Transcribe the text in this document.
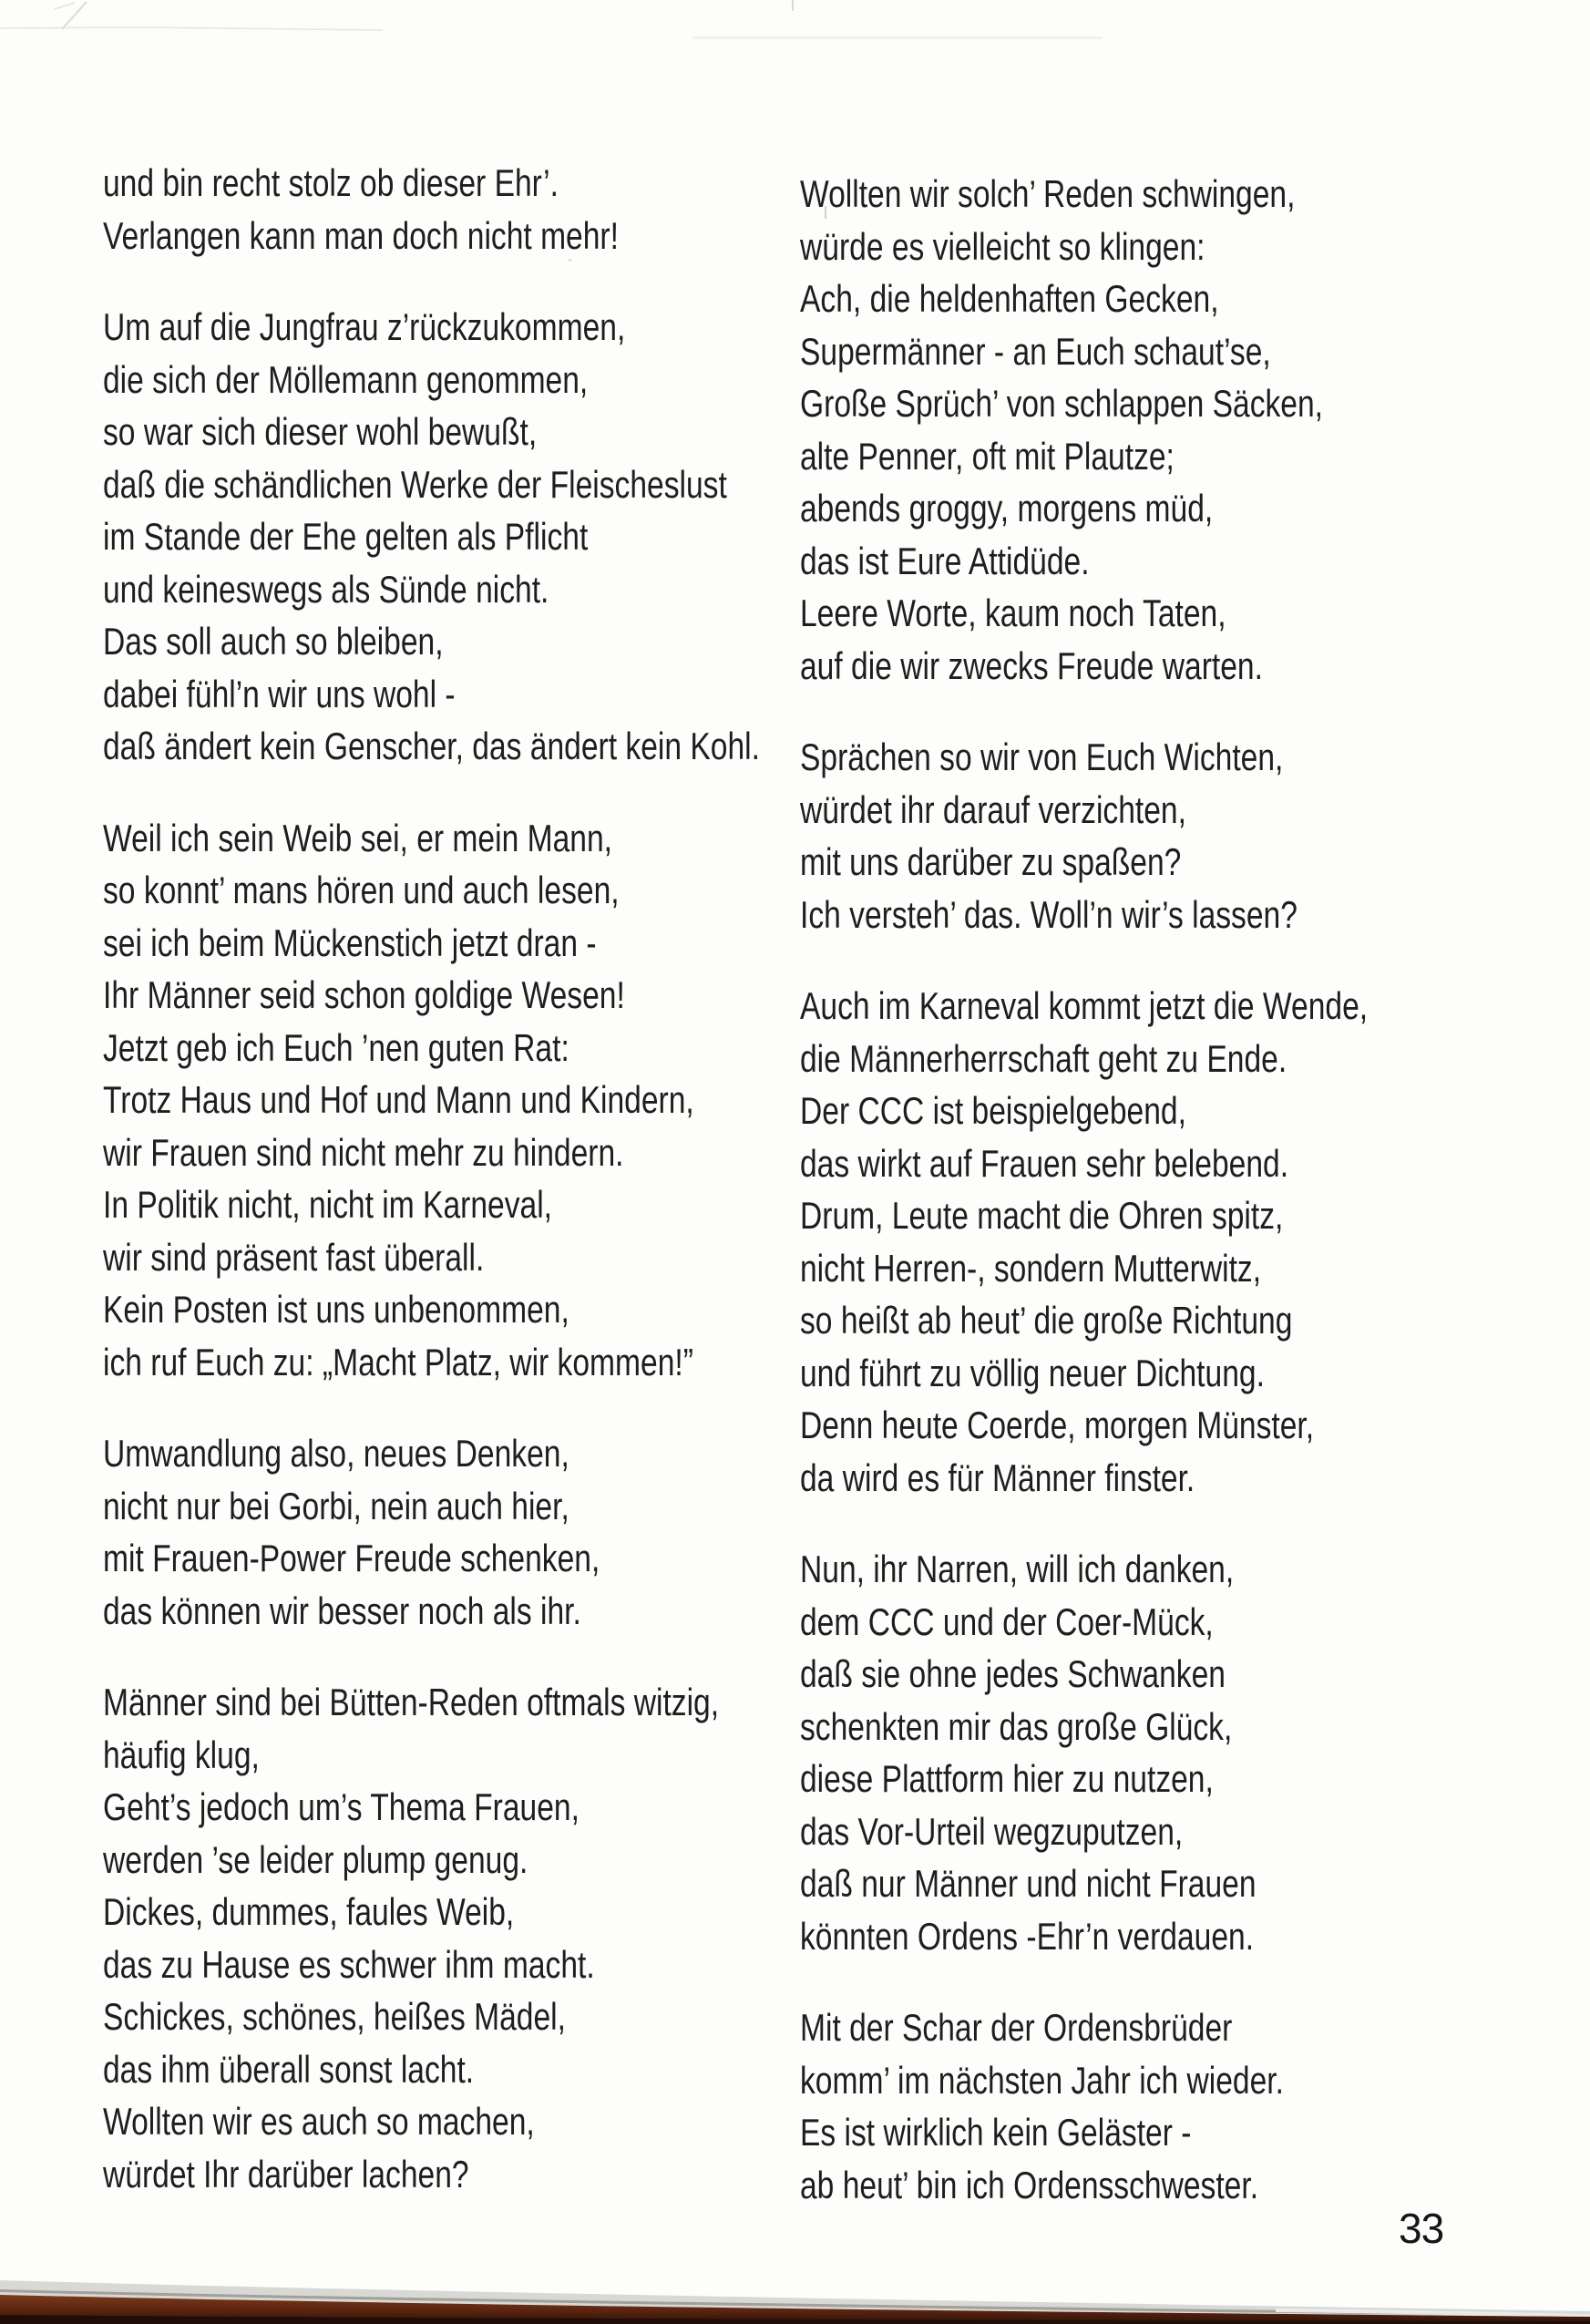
und bin recht stolz ob dieser Ehr’.
Verlangen kann man doch nicht mehr!
Um auf die Jungfrau z’rückzukommen,
die sich der Möllemann genommen,
so war sich dieser wohl bewußt,
daß die schändlichen Werke der Fleischeslust
im Stande der Ehe gelten als Pflicht
und keineswegs als Sünde nicht.
Das soll auch so bleiben,
dabei fühl’n wir uns wohl -
daß ändert kein Genscher, das ändert kein Kohl.
Weil ich sein Weib sei, er mein Mann,
so konnt’ mans hören und auch lesen,
sei ich beim Mückenstich jetzt dran -
Ihr Männer seid schon goldige Wesen!
Jetzt geb ich Euch ’nen guten Rat:
Trotz Haus und Hof und Mann und Kindern,
wir Frauen sind nicht mehr zu hindern.
In Politik nicht, nicht im Karneval,
wir sind präsent fast überall.
Kein Posten ist uns unbenommen,
ich ruf Euch zu: „Macht Platz, wir kommen!”
Umwandlung also, neues Denken,
nicht nur bei Gorbi, nein auch hier,
mit Frauen-Power Freude schenken,
das können wir besser noch als ihr.
Männer sind bei Bütten-Reden oftmals witzig,
häufig klug,
Geht’s jedoch um’s Thema Frauen,
werden ’se leider plump genug.
Dickes, dummes, faules Weib,
das zu Hause es schwer ihm macht.
Schickes, schönes, heißes Mädel,
das ihm überall sonst lacht.
Wollten wir es auch so machen,
würdet Ihr darüber lachen?
Wollten wir solch’ Reden schwingen,
würde es vielleicht so klingen:
Ach, die heldenhaften Gecken,
Supermänner - an Euch schaut’se,
Große Sprüch’ von schlappen Säcken,
alte Penner, oft mit Plautze;
abends groggy, morgens müd,
das ist Eure Attidüde.
Leere Worte, kaum noch Taten,
auf die wir zwecks Freude warten.
Sprächen so wir von Euch Wichten,
würdet ihr darauf verzichten,
mit uns darüber zu spaßen?
Ich versteh’ das. Woll’n wir’s lassen?
Auch im Karneval kommt jetzt die Wende,
die Männerherrschaft geht zu Ende.
Der CCC ist beispielgebend,
das wirkt auf Frauen sehr belebend.
Drum, Leute macht die Ohren spitz,
nicht Herren-, sondern Mutterwitz,
so heißt ab heut’ die große Richtung
und führt zu völlig neuer Dichtung.
Denn heute Coerde, morgen Münster,
da wird es für Männer finster.
Nun, ihr Narren, will ich danken,
dem CCC und der Coer-Mück,
daß sie ohne jedes Schwanken
schenkten mir das große Glück,
diese Plattform hier zu nutzen,
das Vor-Urteil wegzuputzen,
daß nur Männer und nicht Frauen
könnten Ordens -Ehr’n verdauen.
Mit der Schar der Ordensbrüder
komm’ im nächsten Jahr ich wieder.
Es ist wirklich kein Geläster -
ab heut’ bin ich Ordensschwester.
33
